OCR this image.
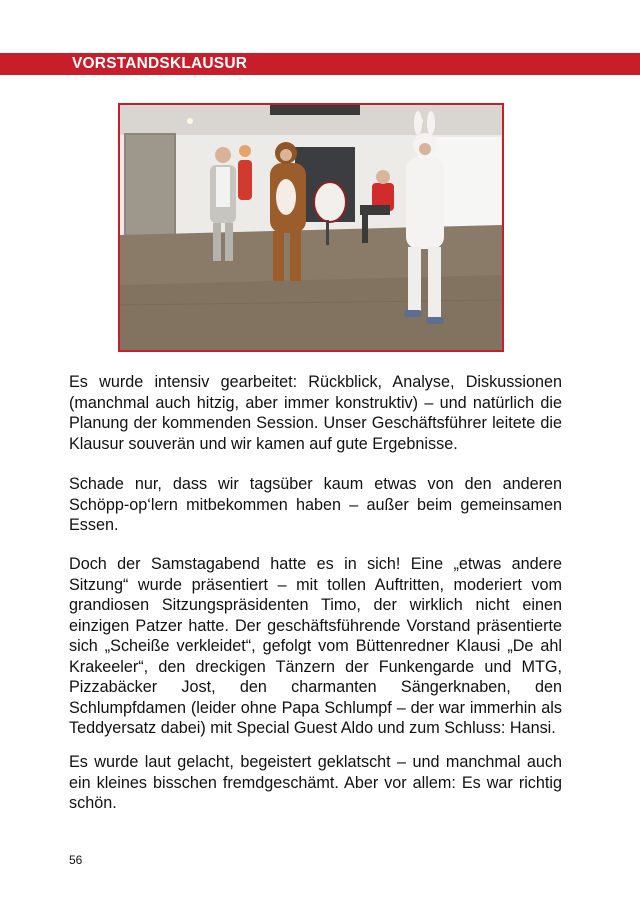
VORSTANDSKLAUSUR

Es wurde intensiv gearbeitet: Rückblick, Analyse, Diskussionen (manchmal auch hitzig, aber immer konstruktiv) – und natürlich die Planung der kommenden Session. Unser Geschäftsführer leitete die Klausur souverän und wir kamen auf gute Ergebnisse.

Schade nur, dass wir tagsüber kaum etwas von den anderen Schöpp-op‘lern mitbekommen haben – außer beim gemeinsamen Essen.

Doch der Samstagabend hatte es in sich! Eine „etwas andere Sitzung“ wurde präsentiert – mit tollen Auftritten, moderiert vom grandiosen Sitzungspräsidenten Timo, der wirklich nicht einen einzigen Patzer hatte. Der geschäftsführende Vorstand präsentierte sich „Scheiße verkleidet“, gefolgt vom Büttenredner Klausi „De ahl Krakeeler“, den dreckigen Tänzern der Funkengarde und MTG, Pizzabäcker Jost, den charmanten Sängerknaben, den Schlumpfdamen (leider ohne Papa Schlumpf – der war immerhin als Teddyersatz dabei) mit Special Guest Aldo und zum Schluss: Hansi.

Es wurde laut gelacht, begeistert geklatscht – und manchmal auch ein kleines bisschen fremdgeschämt. Aber vor allem: Es war richtig schön.

56
